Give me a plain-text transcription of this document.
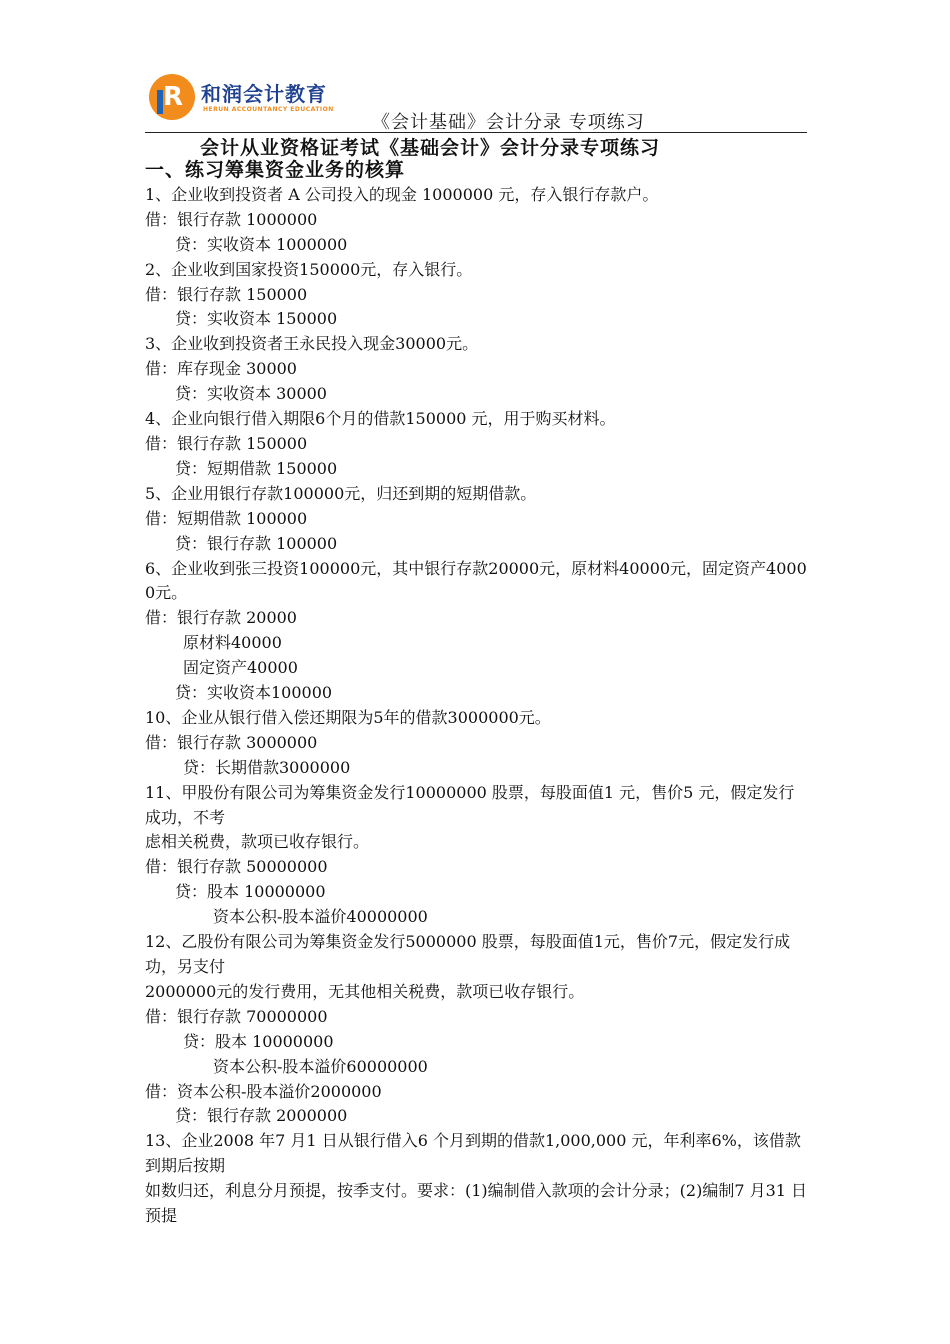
R 和润会计教育
HERUN ACCOUNTANCY EDUCATION
《会计基础》会计分录 专项练习
会计从业资格证考试《基础会计》会计分录专项练习
一、练习筹集资金业务的核算
1、企业收到投资者 A 公司投入的现金 1000000 元，存入银行存款户。
借：银行存款 1000000
贷：实收资本 1000000
2、企业收到国家投资150000元，存入银行。
借：银行存款 150000
贷：实收资本 150000
3、企业收到投资者王永民投入现金30000元。
借：库存现金 30000
贷：实收资本 30000
4、企业向银行借入期限6个月的借款150000 元，用于购买材料。
借：银行存款 150000
贷：短期借款 150000
5、企业用银行存款100000元，归还到期的短期借款。
借：短期借款 100000
贷：银行存款 100000
6、企业收到张三投资100000元，其中银行存款20000元，原材料40000元，固定资产40000元。
借：银行存款 20000
原材料40000
固定资产40000
贷：实收资本100000
10、企业从银行借入偿还期限为5年的借款3000000元。
借：银行存款 3000000
贷：长期借款3000000
11、甲股份有限公司为筹集资金发行10000000 股票，每股面值1 元，售价5 元，假定发行成功，不考
虑相关税费，款项已收存银行。
借：银行存款 50000000
贷：股本 10000000
资本公积-股本溢价40000000
12、乙股份有限公司为筹集资金发行5000000 股票，每股面值1元，售价7元，假定发行成功，另支付
2000000元的发行费用，无其他相关税费，款项已收存银行。
借：银行存款 70000000
贷：股本 10000000
资本公积-股本溢价60000000
借：资本公积-股本溢价2000000
贷：银行存款 2000000
13、企业2008 年7 月1 日从银行借入6 个月到期的借款1,000,000 元，年利率6%，该借款到期后按期
如数归还，利息分月预提，按季支付。要求：(1)编制借入款项的会计分录；(2)编制7 月31 日预提
